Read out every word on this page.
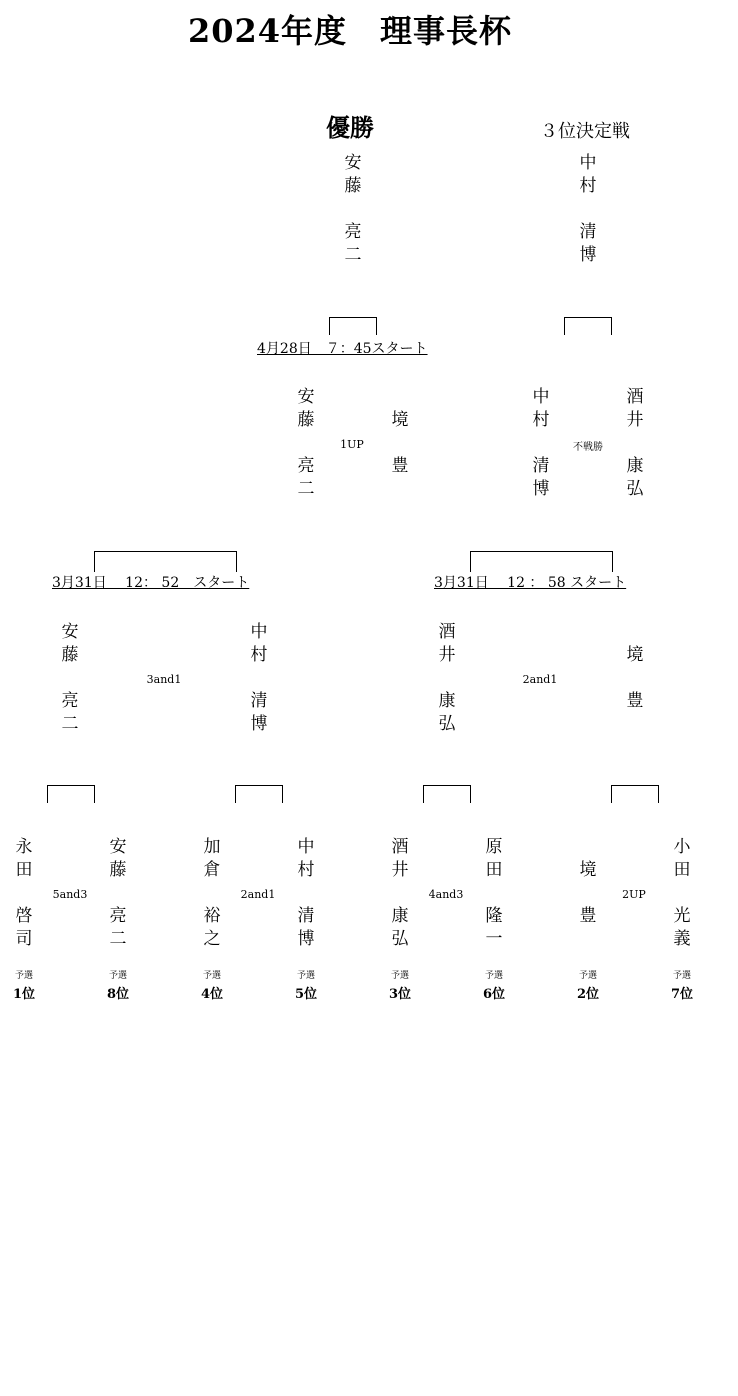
2024年度　理事長杯
優勝	３位決定戦
安
藤
亮
二
中
村
清
博
4月28日　７：45スタート
安
藤
亮
二
境
豊
1UP
中
村
清
博
酒
井
康
弘
不戦勝
3月31日　 12： 52　スタート	3月31日　 12 ： 58 スタート
安
藤
亮
二
中
村
清
博
3and1
酒
井
康
弘
境
豊
2and1
永
田
啓
司
安
藤
亮
二
加
倉
裕
之
中
村
清
博
酒
井
康
弘
原
田
隆
一
境
豊
小
田
光
義
5and3	2and1	4and3	2UP
予選	予選	予選	予選	予選	予選	予選	予選
1位	8位	4位	5位	3位	6位	2位	7位
